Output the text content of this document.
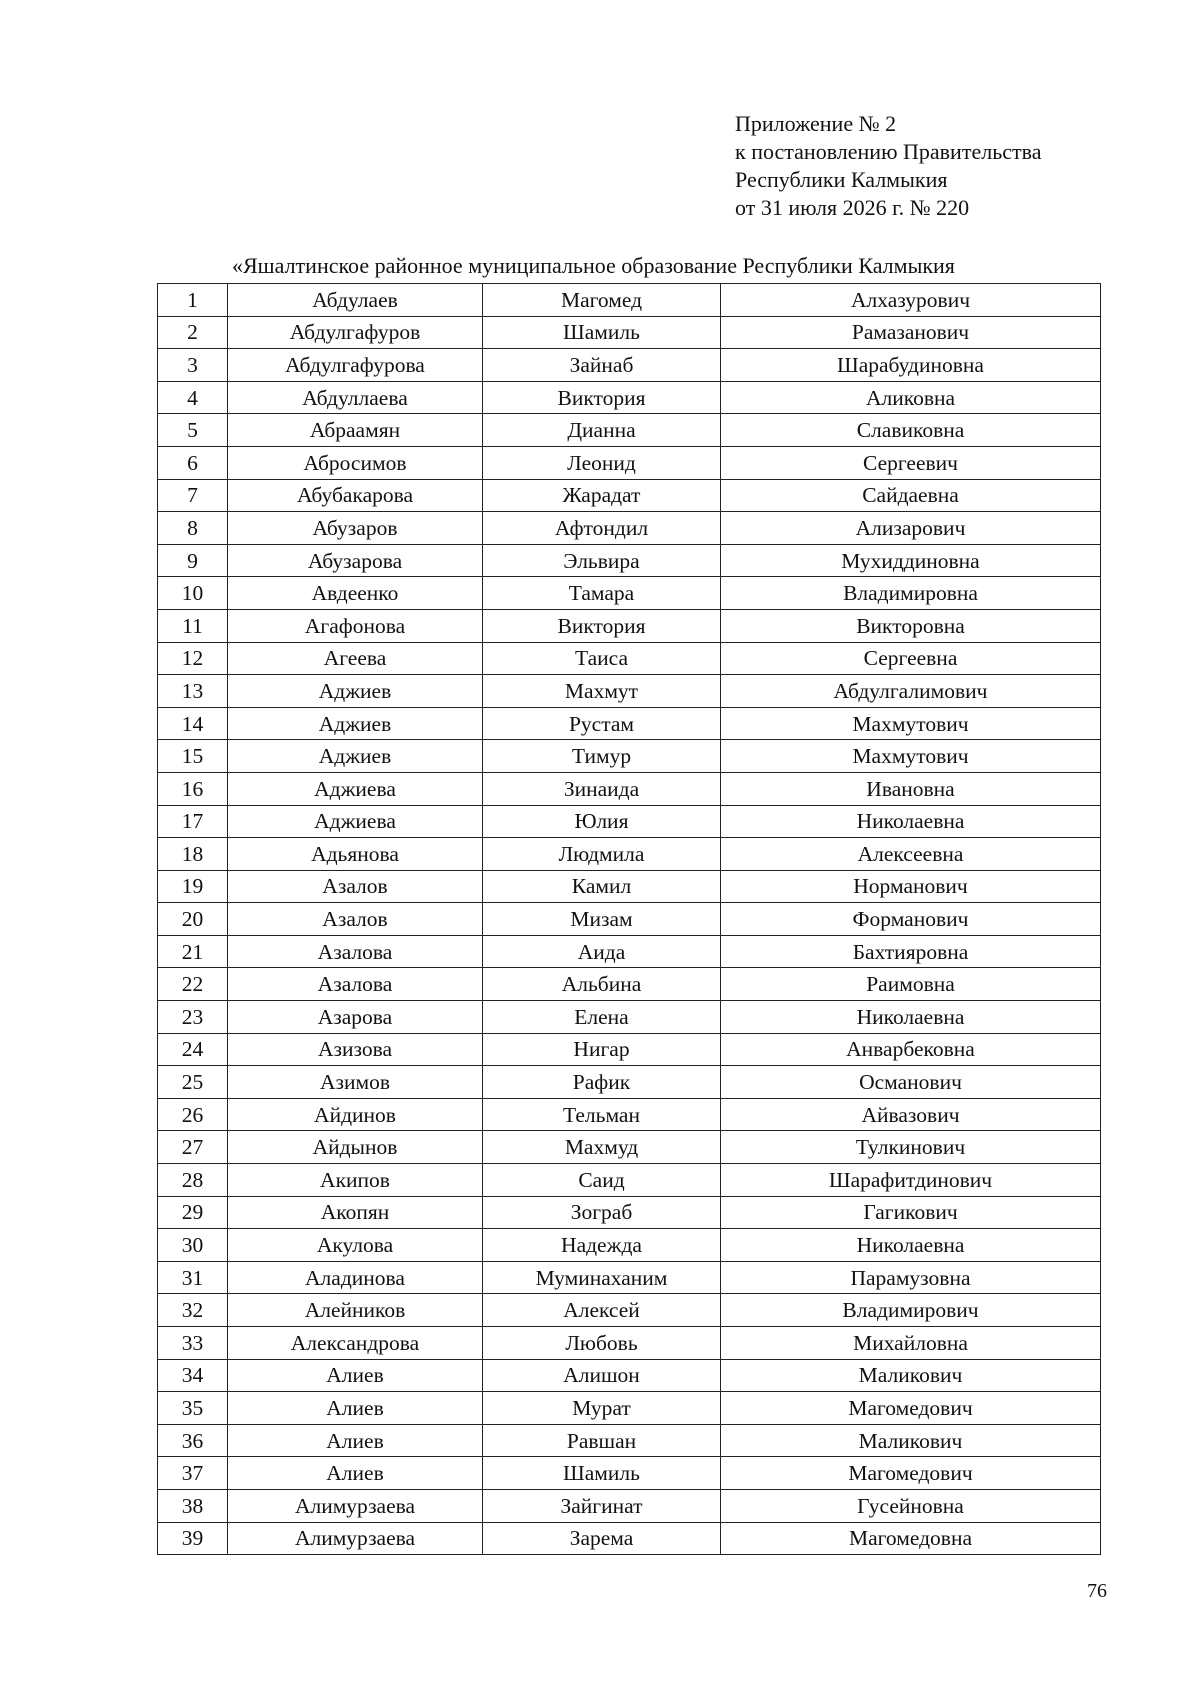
Приложение № 2
к постановлению Правительства
Республики Калмыкия
от 31 июля 2026 г. № 220
«Яшалтинское районное муниципальное образование Республики Калмыкия
1	Абдулаев	Магомед	Алхазурович
2	Абдулгафуров	Шамиль	Рамазанович
3	Абдулгафурова	Зайнаб	Шарабудиновна
4	Абдуллаева	Виктория	Аликовна
5	Абраамян	Дианна	Славиковна
6	Абросимов	Леонид	Сергеевич
7	Абубакарова	Жарадат	Сайдаевна
8	Абузаров	Афтондил	Ализарович
9	Абузарова	Эльвира	Мухиддиновна
10	Авдеенко	Тамара	Владимировна
11	Агафонова	Виктория	Викторовна
12	Агеева	Таиса	Сергеевна
13	Аджиев	Махмут	Абдулгалимович
14	Аджиев	Рустам	Махмутович
15	Аджиев	Тимур	Махмутович
16	Аджиева	Зинаида	Ивановна
17	Аджиева	Юлия	Николаевна
18	Адьянова	Людмила	Алексеевна
19	Азалов	Камил	Норманович
20	Азалов	Мизам	Форманович
21	Азалова	Аида	Бахтияровна
22	Азалова	Альбина	Раимовна
23	Азарова	Елена	Николаевна
24	Азизова	Нигар	Анварбековна
25	Азимов	Рафик	Османович
26	Айдинов	Тельман	Айвазович
27	Айдынов	Махмуд	Тулкинович
28	Акипов	Саид	Шарафитдинович
29	Акопян	Зограб	Гагикович
30	Акулова	Надежда	Николаевна
31	Аладинова	Муминаханим	Парамузовна
32	Алейников	Алексей	Владимирович
33	Александрова	Любовь	Михайловна
34	Алиев	Алишон	Маликович
35	Алиев	Мурат	Магомедович
36	Алиев	Равшан	Маликович
37	Алиев	Шамиль	Магомедович
38	Алимурзаева	Зайгинат	Гусейновна
39	Алимурзаева	Зарема	Магомедовна
76
